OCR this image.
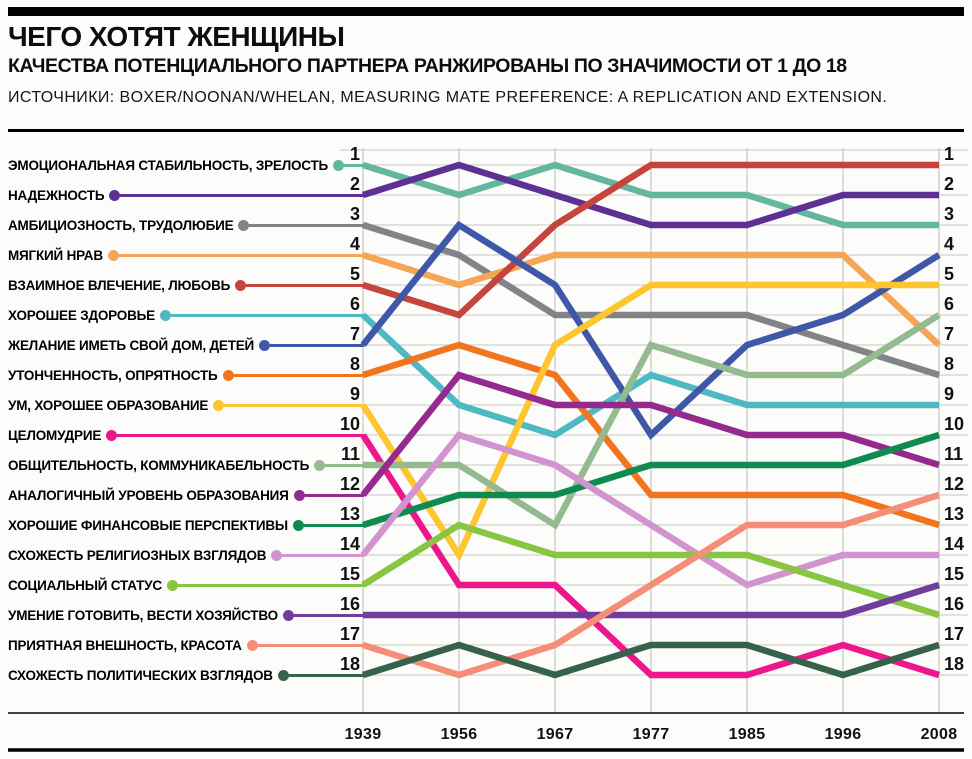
ЧЕГО ХОТЯТ ЖЕНЩИНЫ
КАЧЕСТВА ПОТЕНЦИАЛЬНОГО ПАРТНЕРА РАНЖИРОВАНЫ ПО ЗНАЧИМОСТИ ОТ 1 ДО 18
ИСТОЧНИКИ: BOXER/NOONAN/WHELAN, MEASURING MATE PREFERENCE: A REPLICATION AND EXTENSION.
1	1
2	2
3	3
4	4
5	5
6	6
7	7
8	8
9	9
10	10
11	11
12	12
13	13
14	14
15	15
16	16
17	17
18	18
1939	1956	1967	1977	1985	1996	2008
ЭМОЦИОНАЛЬНАЯ СТАБИЛЬНОСТЬ, ЗРЕЛОСТЬ
НАДЕЖНОСТЬ
АМБИЦИОЗНОСТЬ, ТРУДОЛЮБИЕ
МЯГКИЙ НРАВ
ВЗАИМНОЕ ВЛЕЧЕНИЕ, ЛЮБОВЬ
ХОРОШЕЕ ЗДОРОВЬЕ
ЖЕЛАНИЕ ИМЕТЬ СВОЙ ДОМ, ДЕТЕЙ
УТОНЧЕННОСТЬ, ОПРЯТНОСТЬ
УМ, ХОРОШЕЕ ОБРАЗОВАНИЕ
ЦЕЛОМУДРИЕ
ОБЩИТЕЛЬНОСТЬ, КОММУНИКАБЕЛЬНОСТЬ
АНАЛОГИЧНЫЙ УРОВЕНЬ ОБРАЗОВАНИЯ
ХОРОШИЕ ФИНАНСОВЫЕ ПЕРСПЕКТИВЫ
СХОЖЕСТЬ РЕЛИГИОЗНЫХ ВЗГЛЯДОВ
СОЦИАЛЬНЫЙ СТАТУС
УМЕНИЕ ГОТОВИТЬ, ВЕСТИ ХОЗЯЙСТВО
ПРИЯТНАЯ ВНЕШНОСТЬ, КРАСОТА
СХОЖЕСТЬ ПОЛИТИЧЕСКИХ ВЗГЛЯДОВ
